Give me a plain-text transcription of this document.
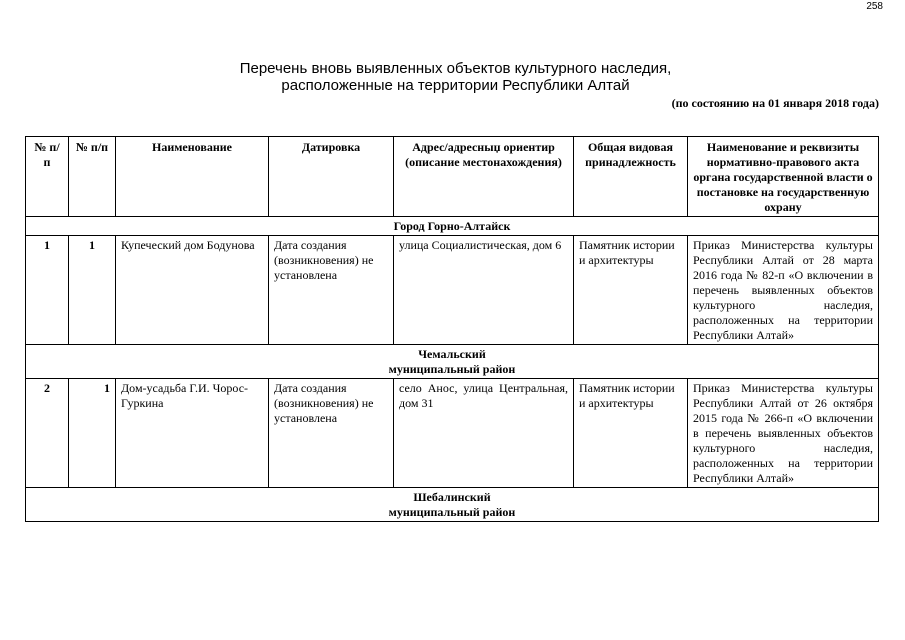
258
Перечень вновь выявленных объектов культурного наследия,
расположенные на территории Республики Алтай
(по состоянию на 01 января 2018 года)
№ п/п	№ п/п	Наименование	Датировка	Адрес/адресныџ ориентир (описание местонахождения)	Общая видовая принадлежность	Наименование и реквизиты нормативно-правового акта органа государственной власти о постановке на государственную охрану
Город Горно-Алтайск						
1	1	Купеческий дом Бодунова	Дата создания (возникновения) не установлена	улица Социалистическая, дом 6	Памятник истории и архитектуры	Приказ Министерства культуры Республики Алтай от 28 марта 2016 года № 82-п «О включении в перечень выявленных объектов культурного наследия, расположенных на территории Республики Алтай»
Чемальский муниципальный район						
2	1	Дом-усадьба Г.И. Чорос-Гуркина	Дата создания (возникновения) не установлена	село Анос, улица Центральная, дом 31	Памятник истории и архитектуры	Приказ Министерства культуры Республики Алтай от 26 октября 2015 года № 266-п «О включении в перечень выявленных объектов культурного наследия, расположенных на территории Республики Алтай»
Шебалинский муниципальный район						
